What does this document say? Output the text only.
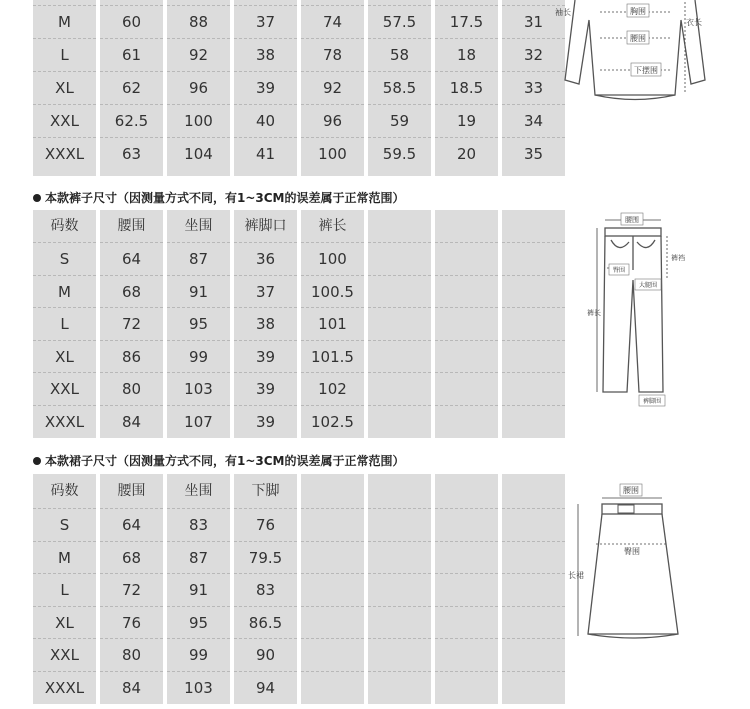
M
L
XL
XXL
XXXL
60
61
62
62.5
63
88
92
96
100
104
37
38
39
40
41
74
78
92
96
100
57.5
58
58.5
59
59.5
17.5
18
18.5
19
20
31
32
33
34
35
本款裤子尺寸（因测量方式不同，有1~3CM的误差属于正常范围）
码数
S
M
L
XL
XXL
XXXL
腰围
64
68
72
86
80
84
坐围
87
91
95
99
103
107
裤脚口
36
37
38
39
39
39
裤长
100
100.5
101
101.5
102
102.5
本款裙子尺寸（因测量方式不同，有1~3CM的误差属于正常范围）
码数
S
M
L
XL
XXL
XXXL
腰围
64
68
72
76
80
84
坐围
83
87
91
95
99
103
下脚
76
79.5
83
86.5
90
94
胸围
腰围
下摆围
袖长
衣长
腰围
裤裆
臀围
大腿围
裤长
裤脚围
腰围
臀围
长裙
